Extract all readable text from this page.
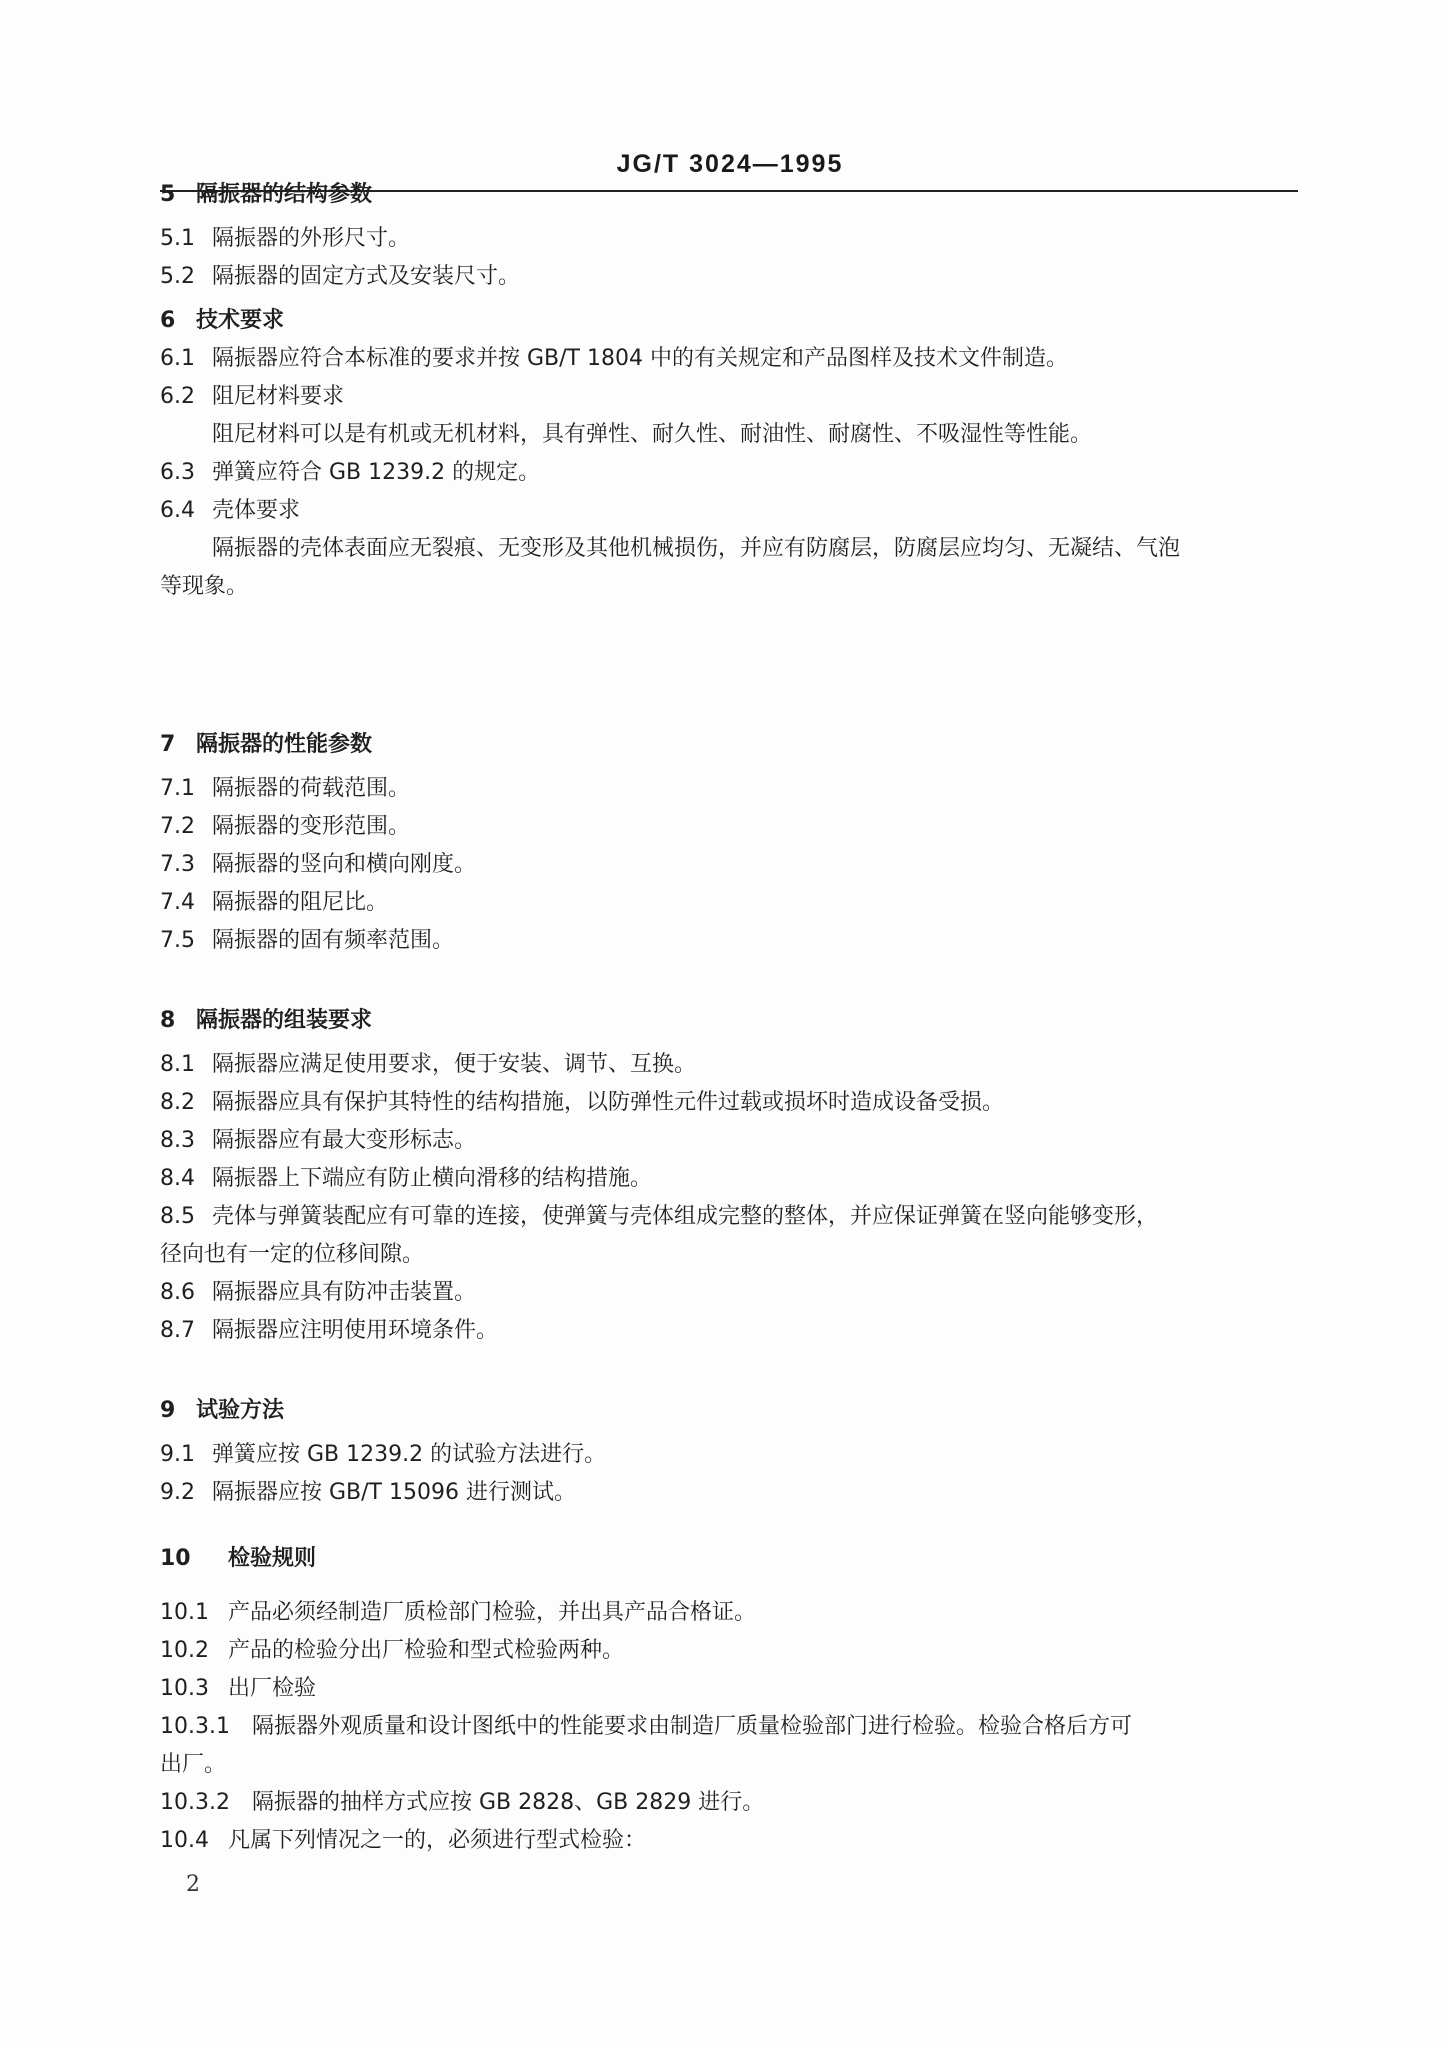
JG/T 3024—1995
5 隔振器的结构参数
5.1 隔振器的外形尺寸。
5.2 隔振器的固定方式及安装尺寸。
6 技术要求
6.1 隔振器应符合本标准的要求并按 GB/T 1804 中的有关规定和产品图样及技术文件制造。
6.2 阻尼材料要求
阻尼材料可以是有机或无机材料，具有弹性、耐久性、耐油性、耐腐性、不吸湿性等性能。
6.3 弹簧应符合 GB 1239.2 的规定。
6.4 壳体要求
隔振器的壳体表面应无裂痕、无变形及其他机械损伤，并应有防腐层，防腐层应均匀、无凝结、气泡
等现象。
7 隔振器的性能参数
7.1 隔振器的荷载范围。
7.2 隔振器的变形范围。
7.3 隔振器的竖向和横向刚度。
7.4 隔振器的阻尼比。
7.5 隔振器的固有频率范围。
8 隔振器的组装要求
8.1 隔振器应满足使用要求，便于安装、调节、互换。
8.2 隔振器应具有保护其特性的结构措施，以防弹性元件过载或损坏时造成设备受损。
8.3 隔振器应有最大变形标志。
8.4 隔振器上下端应有防止横向滑移的结构措施。
8.5 壳体与弹簧装配应有可靠的连接，使弹簧与壳体组成完整的整体，并应保证弹簧在竖向能够变形，
径向也有一定的位移间隙。
8.6 隔振器应具有防冲击装置。
8.7 隔振器应注明使用环境条件。
9 试验方法
9.1 弹簧应按 GB 1239.2 的试验方法进行。
9.2 隔振器应按 GB/T 15096 进行测试。
10 检验规则
10.1 产品必须经制造厂质检部门检验，并出具产品合格证。
10.2 产品的检验分出厂检验和型式检验两种。
10.3 出厂检验
10.3.1 隔振器外观质量和设计图纸中的性能要求由制造厂质量检验部门进行检验。检验合格后方可
出厂。
10.3.2 隔振器的抽样方式应按 GB 2828、GB 2829 进行。
10.4 凡属下列情况之一的，必须进行型式检验：
2
